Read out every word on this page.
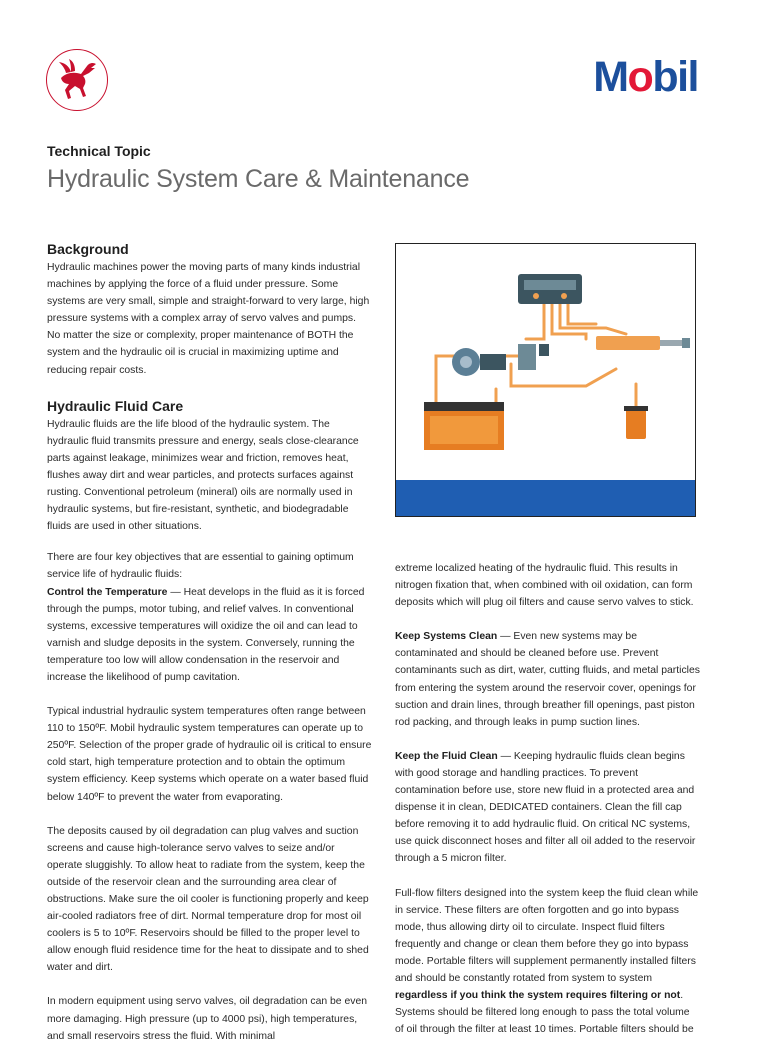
Mobil
Technical Topic
Hydraulic System Care & Maintenance
Background

Hydraulic machines power the moving parts of many kinds industrial machines by applying the force of a fluid under pressure. Some systems are very small, simple and straight-forward to very large, high pressure systems with a complex array of servo valves and pumps. No matter the size or complexity, proper maintenance of BOTH the system and the hydraulic oil is crucial in maximizing uptime and reducing repair costs.

Hydraulic Fluid Care

Hydraulic fluids are the life blood of the hydraulic system. The hydraulic fluid transmits pressure and energy, seals close-clearance parts against leakage, minimizes wear and friction, removes heat, flushes away dirt and wear particles, and protects surfaces against rusting. Conventional petroleum (mineral) oils are normally used in hydraulic systems, but fire-resistant, synthetic, and biodegradable fluids are used in other situations.

There are four key objectives that are essential to gaining optimum service life of hydraulic fluids:
Control the Temperature — Heat develops in the fluid as it is forced through the pumps, motor tubing, and relief valves. In conventional systems, excessive temperatures will oxidize the oil and can lead to varnish and sludge deposits in the system. Conversely, running the temperature too low will allow condensation in the reservoir and increase the likelihood of pump cavitation.

Typical industrial hydraulic system temperatures often range between 110 to 150ºF. Mobil hydraulic system temperatures can operate up to 250ºF. Selection of the proper grade of hydraulic oil is critical to ensure cold start, high temperature protection and to obtain the optimum system efficiency. Keep systems which operate on a water based fluid below 140ºF to prevent the water from evaporating.

The deposits caused by oil degradation can plug valves and suction screens and cause high-tolerance servo valves to seize and/or operate sluggishly. To allow heat to radiate from the system, keep the outside of the reservoir clean and the surrounding area clear of obstructions. Make sure the oil cooler is functioning properly and keep air-cooled radiators free of dirt. Normal temperature drop for most oil coolers is 5 to 10ºF. Reservoirs should be filled to the proper level to allow enough fluid residence time for the heat to dissipate and to shed water and dirt.

In modern equipment using servo valves, oil degradation can be even more damaging. High pressure (up to 4000 psi), high temperatures, and small reservoirs stress the fluid. With minimal

extreme localized heating of the hydraulic fluid. This results in nitrogen fixation that, when combined with oil oxidation, can form deposits which will plug oil filters and cause servo valves to stick.

Keep Systems Clean — Even new systems may be contaminated and should be cleaned before use. Prevent contaminants such as dirt, water, cutting fluids, and metal particles from entering the system around the reservoir cover, openings for suction and drain lines, through breather fill openings, past piston rod packing, and through leaks in pump suction lines.

Keep the Fluid Clean — Keeping hydraulic fluids clean begins with good storage and handling practices. To prevent contamination before use, store new fluid in a protected area and dispense it in clean, DEDICATED containers. Clean the fill cap before removing it to add hydraulic fluid. On critical NC systems, use quick disconnect hoses and filter all oil added to the reservoir through a 5 micron filter.

Full-flow filters designed into the system keep the fluid clean while in service. These filters are often forgotten and go into bypass mode, thus allowing dirty oil to circulate. Inspect fluid filters frequently and change or clean them before they go into bypass mode. Portable filters will supplement permanently installed filters and should be constantly rotated from system to system regardless if you think the system requires filtering or not. Systems should be filtered long enough to pass the total volume of oil through the filter at least 10 times. Portable filters should be
